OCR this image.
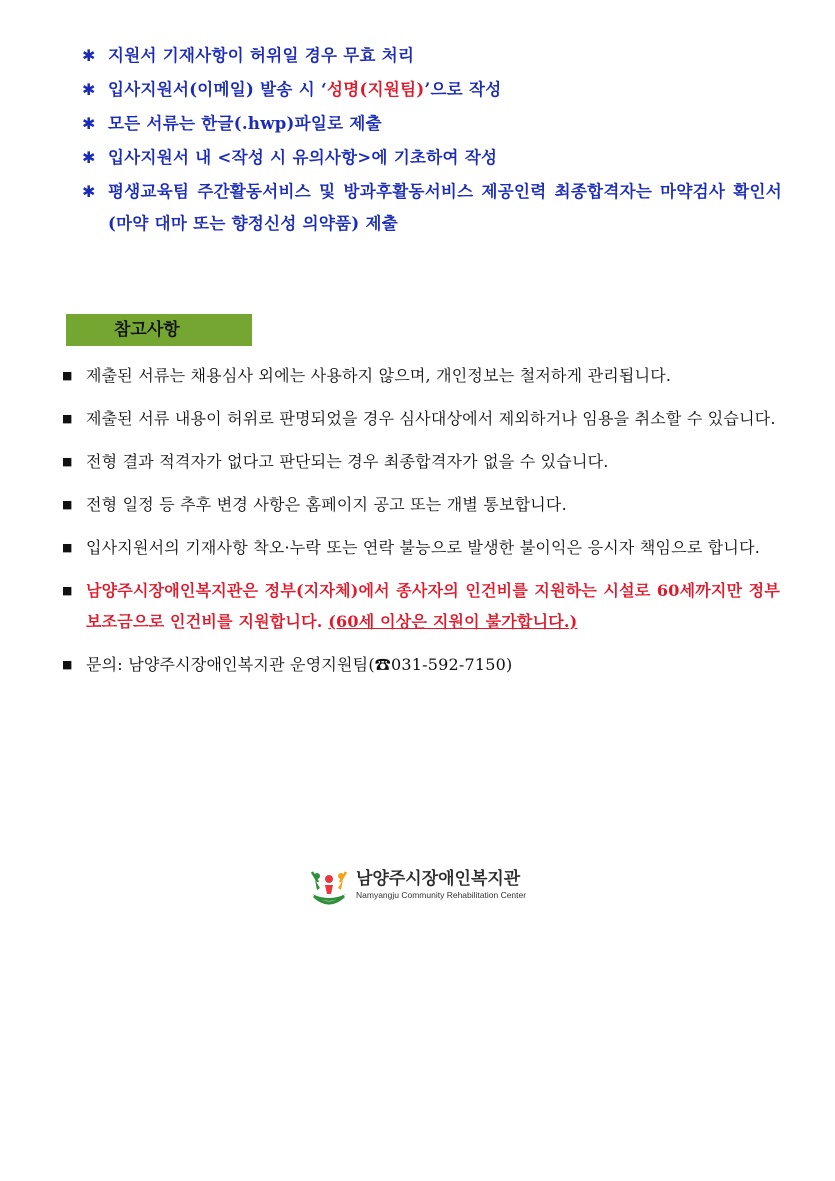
✱ 지원서 기재사항이 허위일 경우 무효 처리
✱ 입사지원서(이메일) 발송 시 ‘성명(지원팀)’으로 작성
✱ 모든 서류는 한글(.hwp)파일로 제출
✱ 입사지원서 내 <작성 시 유의사항>에 기초하여 작성
✱ 평생교육팀 주간활동서비스 및 방과후활동서비스 제공인력 최종합격자는 마약검사 확인서(마약 대마 또는 향정신성 의약품) 제출
참고사항
■ 제출된 서류는 채용심사 외에는 사용하지 않으며, 개인정보는 철저하게 관리됩니다.
■ 제출된 서류 내용이 허위로 판명되었을 경우 심사대상에서 제외하거나 임용을 취소할 수 있습니다.
■ 전형 결과 적격자가 없다고 판단되는 경우 최종합격자가 없을 수 있습니다.
■ 전형 일정 등 추후 변경 사항은 홈페이지 공고 또는 개별 통보합니다.
■ 입사지원서의 기재사항 착오·누락 또는 연락 불능으로 발생한 불이익은 응시자 책임으로 합니다.
■ 남양주시장애인복지관은 정부(지자체)에서 종사자의 인건비를 지원하는 시설로 60세까지만 정부 보조금으로 인건비를 지원합니다. (60세 이상은 지원이 불가합니다.)
■ 문의: 남양주시장애인복지관 운영지원팀(☎031-592-7150)
남양주시장애인복지관
Namyangju Community Rehabilitation Center
